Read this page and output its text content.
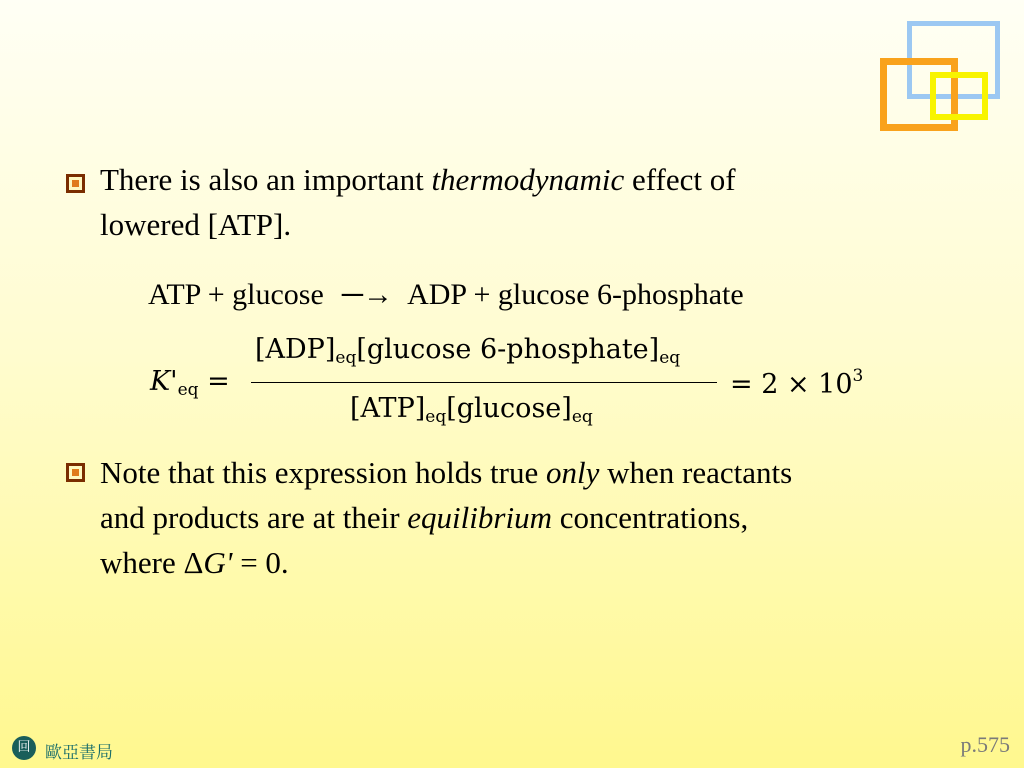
There is also an important thermodynamic effect of
lowered [ATP].
ATP + glucose ─→ ADP + glucose 6-phosphate
$K'_{eq}$ =
$[ADP]_{eq}[glucose$ $6-phosphate]_{eq}$
$[ATP]_{eq}[glucose]_{eq}$
= $2 \times 10^3$
Note that this expression holds true only when reactants
and products are at their equilibrium concentrations,
where ΔG' = 0.
回 歐亞書局	p.575
